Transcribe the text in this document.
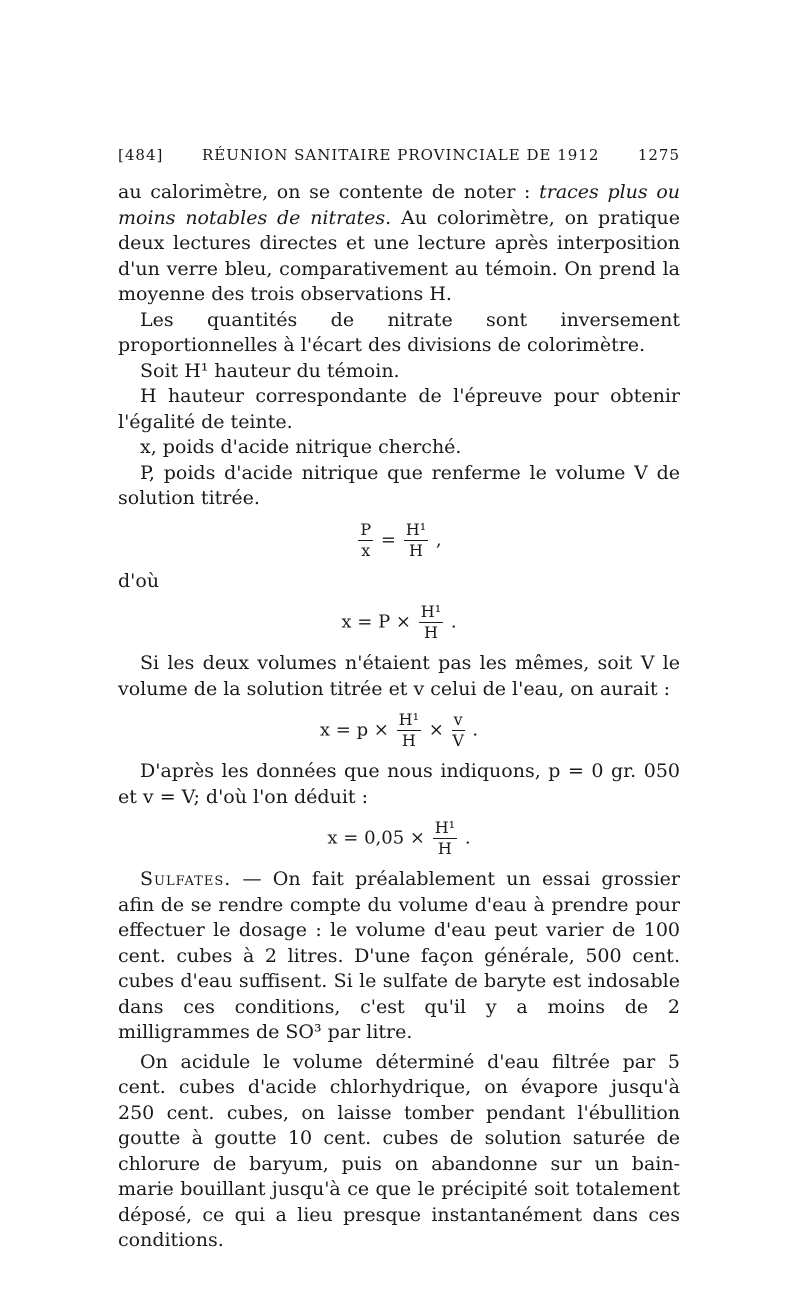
[484]	RÉUNION SANITAIRE PROVINCIALE DE 1912	1275

au calorimètre, on se contente de noter : traces plus ou moins notables de nitrates. Au colorimètre, on pratique deux lectures directes et une lecture après interposition d'un verre bleu, comparativement au témoin. On prend la moyenne des trois observations H.

Les quantités de nitrate sont inversement proportionnelles à l'écart des divisions de colorimètre.

Soit H¹ hauteur du témoin.

H hauteur correspondante de l'épreuve pour obtenir l'égalité de teinte.

x, poids d'acide nitrique cherché.

P, poids d'acide nitrique que renferme le volume V de solution titrée.

$\frac{P}{x} = \frac{\text{H¹}}{H}$ ,

d'où

$x = P \times \frac{\text{H¹}}{H}$ .

Si les deux volumes n'étaient pas les mêmes, soit V le volume de la solution titrée et v celui de l'eau, on aurait :

$x = p \times \frac{\text{H¹}}{H} \times \frac{v}{V}$ .

D'après les données que nous indiquons, p = 0 gr. 050 et v = V; d'où l'on déduit :

$x = 0,05 \times \frac{\text{H¹}}{H}$ .

Sulfates. — On fait préalablement un essai grossier afin de se rendre compte du volume d'eau à prendre pour effectuer le dosage : le volume d'eau peut varier de 100 cent. cubes à 2 litres. D'une façon générale, 500 cent. cubes d'eau suffisent. Si le sulfate de baryte est indosable dans ces conditions, c'est qu'il y a moins de 2 milligrammes de SO³ par litre.

On acidule le volume déterminé d'eau filtrée par 5 cent. cubes d'acide chlorhydrique, on évapore jusqu'à 250 cent. cubes, on laisse tomber pendant l'ébullition goutte à goutte 10 cent. cubes de solution saturée de chlorure de baryum, puis on abandonne sur un bain-marie bouillant jusqu'à ce que le précipité soit totalement déposé, ce qui a lieu presque instantanément dans ces conditions.
